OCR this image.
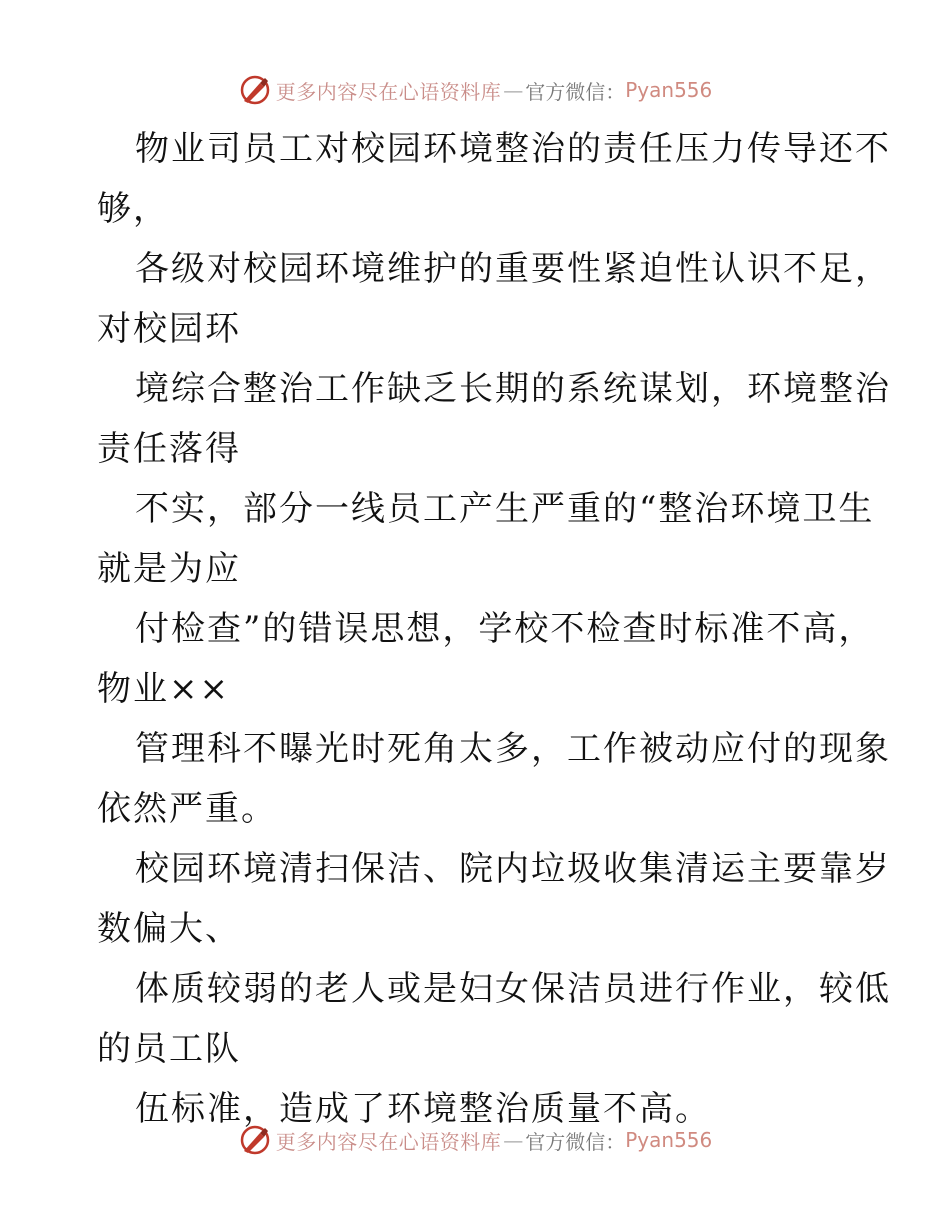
更多内容尽在心语资料库 — 官方微信： Pyan556
物业司员工对校园环境整治的责任压力传导还不
够，
各级对校园环境维护的重要性紧迫性认识不足，
对校园环
境综合整治工作缺乏长期的系统谋划，环境整治
责任落得
不实，部分一线员工产生严重的“整治环境卫生
就是为应
付检查”的错误思想，学校不检查时标准不高，
物业××
管理科不曝光时死角太多，工作被动应付的现象
依然严重。
校园环境清扫保洁、院内垃圾收集清运主要靠岁
数偏大、
体质较弱的老人或是妇女保洁员进行作业，较低
的员工队
伍标准，造成了环境整治质量不高。
更多内容尽在心语资料库 — 官方微信： Pyan556
